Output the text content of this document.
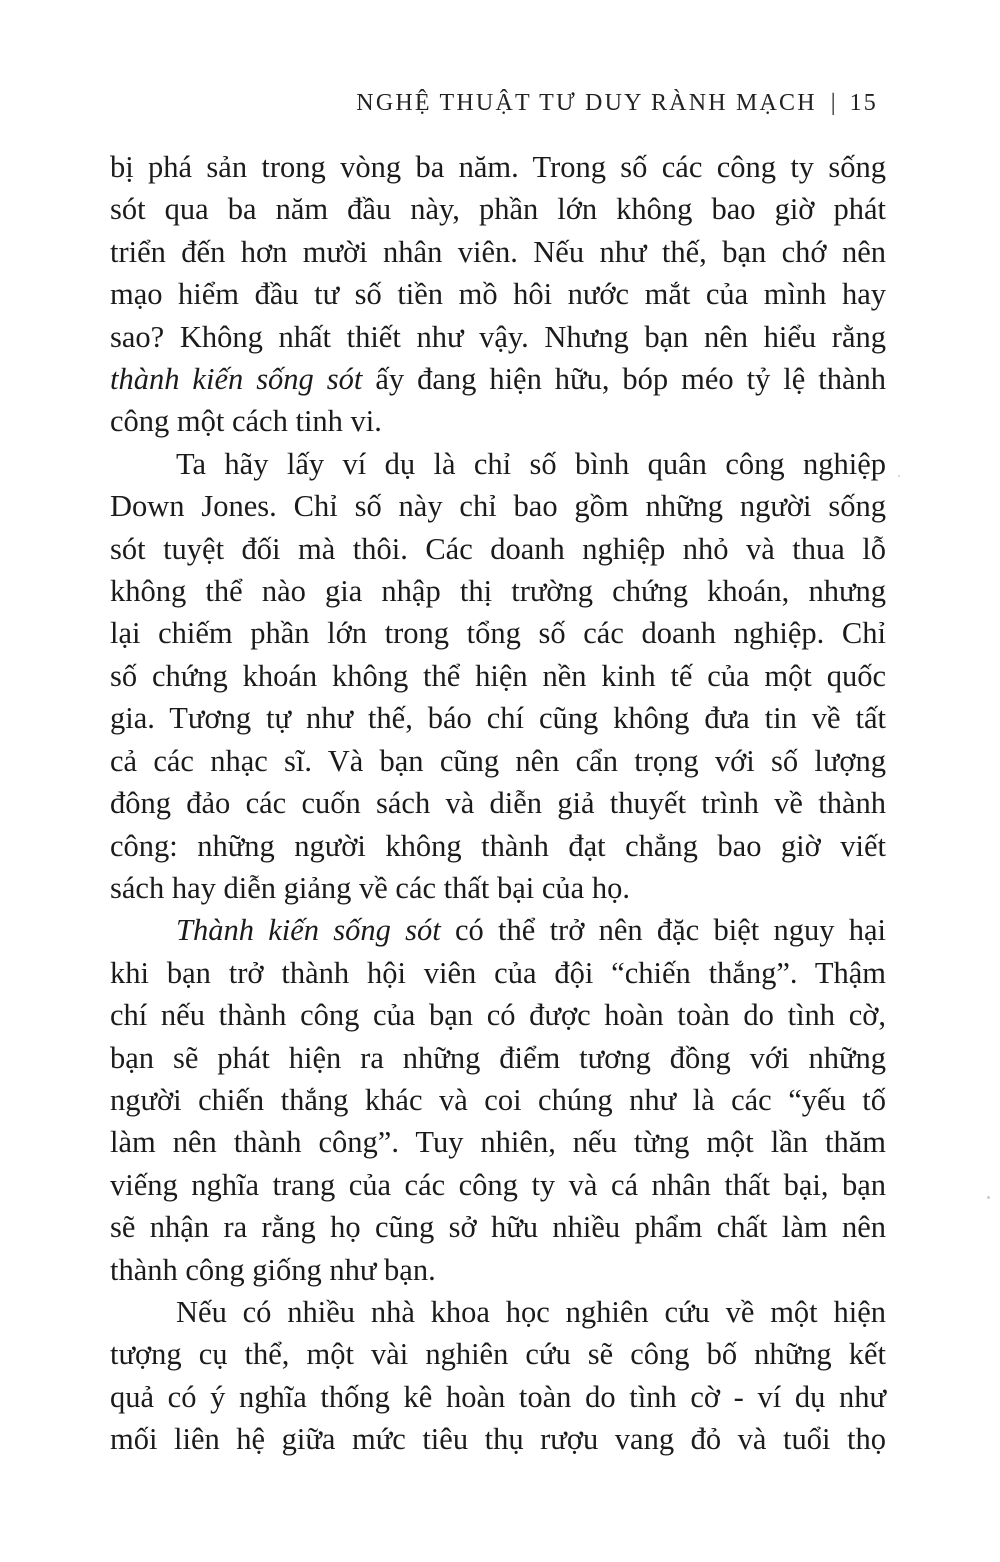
NGHỆ THUẬT TƯ DUY RÀNH MẠCH | 15

bị phá sản trong vòng ba năm. Trong số các công ty sống
sót qua ba năm đầu này, phần lớn không bao giờ phát
triển đến hơn mười nhân viên. Nếu như thế, bạn chớ nên
mạo hiểm đầu tư số tiền mồ hôi nước mắt của mình hay
sao? Không nhất thiết như vậy. Nhưng bạn nên hiểu rằng
thành kiến sống sót ấy đang hiện hữu, bóp méo tỷ lệ thành
công một cách tinh vi.

Ta hãy lấy ví dụ là chỉ số bình quân công nghiệp
Down Jones. Chỉ số này chỉ bao gồm những người sống
sót tuyệt đối mà thôi. Các doanh nghiệp nhỏ và thua lỗ
không thể nào gia nhập thị trường chứng khoán, nhưng
lại chiếm phần lớn trong tổng số các doanh nghiệp. Chỉ
số chứng khoán không thể hiện nền kinh tế của một quốc
gia. Tương tự như thế, báo chí cũng không đưa tin về tất
cả các nhạc sĩ. Và bạn cũng nên cẩn trọng với số lượng
đông đảo các cuốn sách và diễn giả thuyết trình về thành
công: những người không thành đạt chẳng bao giờ viết
sách hay diễn giảng về các thất bại của họ.

Thành kiến sống sót có thể trở nên đặc biệt nguy hại
khi bạn trở thành hội viên của đội “chiến thắng”. Thậm
chí nếu thành công của bạn có được hoàn toàn do tình cờ,
bạn sẽ phát hiện ra những điểm tương đồng với những
người chiến thắng khác và coi chúng như là các “yếu tố
làm nên thành công”. Tuy nhiên, nếu từng một lần thăm
viếng nghĩa trang của các công ty và cá nhân thất bại, bạn
sẽ nhận ra rằng họ cũng sở hữu nhiều phẩm chất làm nên
thành công giống như bạn.

Nếu có nhiều nhà khoa học nghiên cứu về một hiện
tượng cụ thể, một vài nghiên cứu sẽ công bố những kết
quả có ý nghĩa thống kê hoàn toàn do tình cờ - ví dụ như
mối liên hệ giữa mức tiêu thụ rượu vang đỏ và tuổi thọ
